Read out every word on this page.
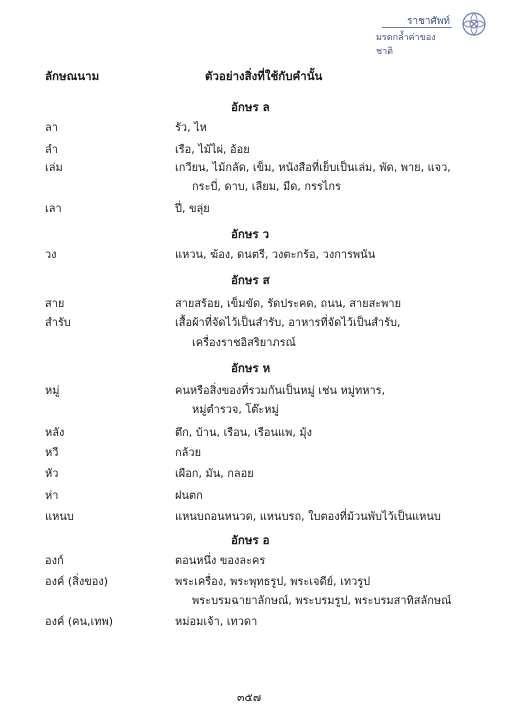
ราชาศัพท์
มรดกล้ำค่าของชาติ
ลักษณนาม	ตัวอย่างสิ่งที่ใช้กับคำนั้น
อักษร ล
ลา	รัว, ไห
ลำ	เรือ, ไม้ไผ่, อ้อย
เล่ม	เกวียน, ไม้กลัด, เข็ม, หนังสือที่เย็บเป็นเล่ม, พัด, พาย, แจว,
กระบี่, ดาบ, เลียม, มีด, กรรไกร
เลา	ปี่, ขลุ่ย
อักษร ว
วง	แหวน, ฆ้อง, ดนตรี, วงตะกร้อ, วงการพนัน
อักษร ส
สาย	สายสร้อย, เข็มขัด, รัดประคด, ถนน, สายสะพาย
สำรับ	เสื้อผ้าที่จัดไว้เป็นสำรับ, อาหารที่จัดไว้เป็นสำรับ,
เครื่องราชอิสริยาภรณ์
อักษร ห
หมู่	คนหรือสิ่งของที่รวมกันเป็นหมู่ เช่น หมู่ทหาร,
หมู่ตำรวจ, โต๊ะหมู่
หลัง	ตึก, บ้าน, เรือน, เรือนแพ, มุ้ง
หวี	กล้วย
หัว	เผือก, มัน, กลอย
ห่า	ฝนตก
แหนบ	แหนบถอนหนวด, แหนบรถ, ใบตองที่ม้วนพับไว้เป็นแหนบ
อักษร อ
องก์	ตอนหนึ่ง ของละคร
องค์ (สิ่งของ)	พระเครื่อง, พระพุทธรูป, พระเจดีย์, เทวรูป
พระบรมฉายาลักษณ์, พระบรมรูป, พระบรมสาทิสลักษณ์
องค์ (คน,เทพ)	หม่อมเจ้า, เทวดา
๓๕๗
